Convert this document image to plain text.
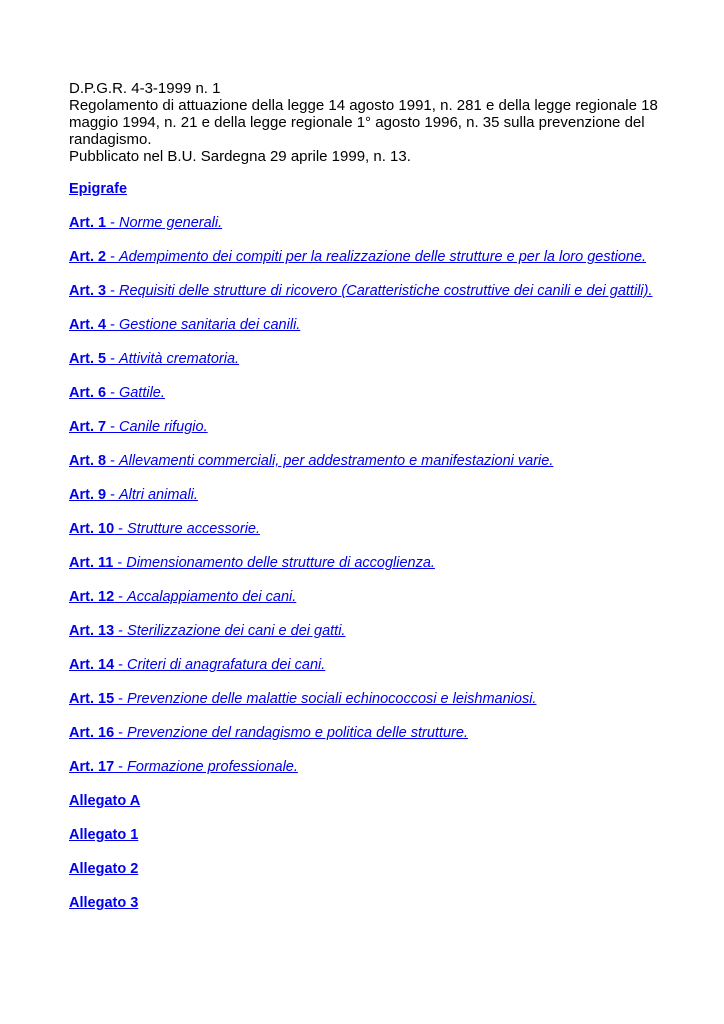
D.P.G.R. 4-3-1999 n. 1
Regolamento di attuazione della legge 14 agosto 1991, n. 281 e della legge regionale 18 maggio 1994, n. 21 e della legge regionale 1° agosto 1996, n. 35 sulla prevenzione del randagismo.
Pubblicato nel B.U. Sardegna 29 aprile 1999, n. 13.
Epigrafe
Art. 1 - Norme generali.
Art. 2 - Adempimento dei compiti per la realizzazione delle strutture e per la loro gestione.
Art. 3 - Requisiti delle strutture di ricovero (Caratteristiche costruttive dei canili e dei gattili).
Art. 4 - Gestione sanitaria dei canili.
Art. 5 - Attività crematoria.
Art. 6 - Gattile.
Art. 7 - Canile rifugio.
Art. 8 - Allevamenti commerciali, per addestramento e manifestazioni varie.
Art. 9 - Altri animali.
Art. 10 - Strutture accessorie.
Art. 11 - Dimensionamento delle strutture di accoglienza.
Art. 12 - Accalappiamento dei cani.
Art. 13 - Sterilizzazione dei cani e dei gatti.
Art. 14 - Criteri di anagrafatura dei cani.
Art. 15 - Prevenzione delle malattie sociali echinococcosi e leishmaniosi.
Art. 16 - Prevenzione del randagismo e politica delle strutture.
Art. 17 - Formazione professionale.
Allegato A
Allegato 1
Allegato 2
Allegato 3
